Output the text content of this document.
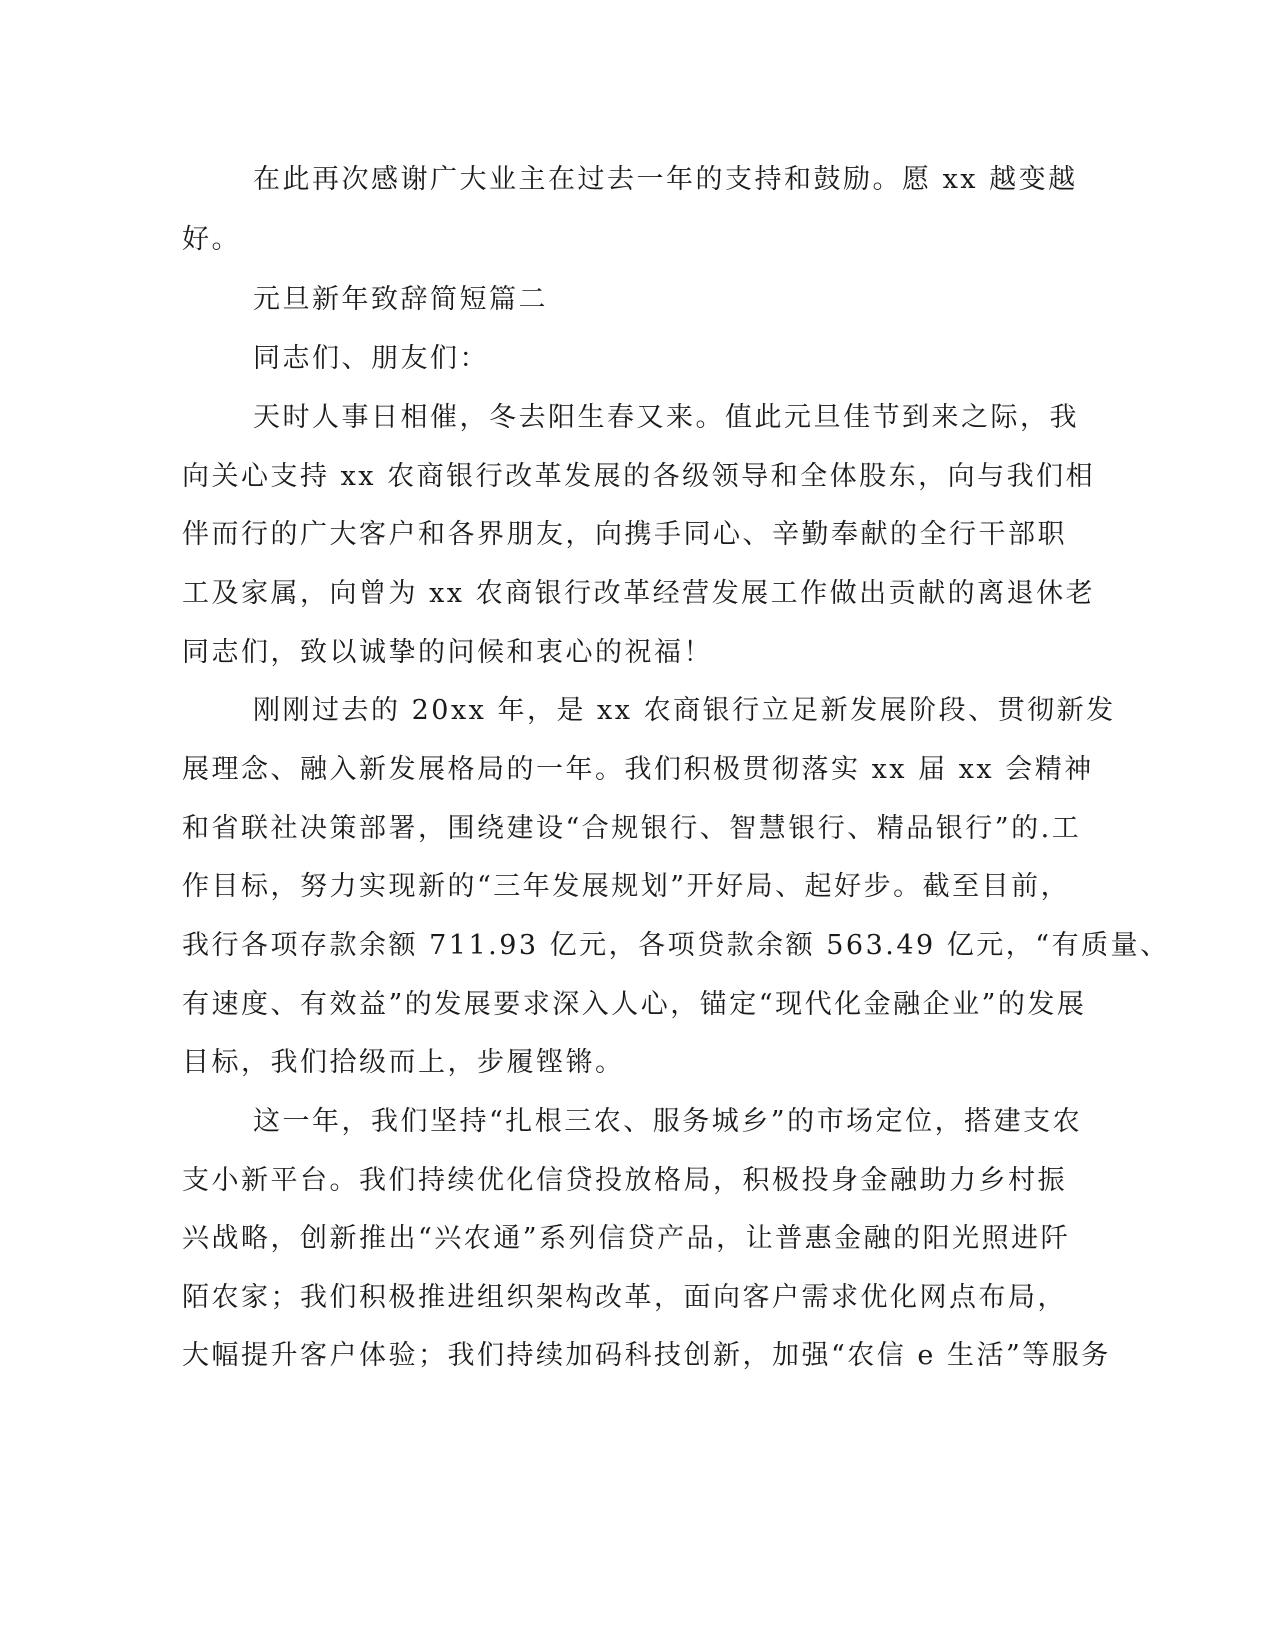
在此再次感谢广大业主在过去一年的支持和鼓励。愿 xx 越变越
好。
元旦新年致辞简短篇二
同志们、朋友们：
天时人事日相催，冬去阳生春又来。值此元旦佳节到来之际，我
向关心支持 xx 农商银行改革发展的各级领导和全体股东，向与我们相
伴而行的广大客户和各界朋友，向携手同心、辛勤奉献的全行干部职
工及家属，向曾为 xx 农商银行改革经营发展工作做出贡献的离退休老
同志们，致以诚挚的问候和衷心的祝福！
刚刚过去的 20xx 年，是 xx 农商银行立足新发展阶段、贯彻新发
展理念、融入新发展格局的一年。我们积极贯彻落实 xx 届 xx 会精神
和省联社决策部署，围绕建设“合规银行、智慧银行、精品银行”的.工
作目标，努力实现新的“三年发展规划”开好局、起好步。截至目前，
我行各项存款余额 711.93 亿元，各项贷款余额 563.49 亿元，“有质量、
有速度、有效益”的发展要求深入人心，锚定“现代化金融企业”的发展
目标，我们拾级而上，步履铿锵。
这一年，我们坚持“扎根三农、服务城乡”的市场定位，搭建支农
支小新平台。我们持续优化信贷投放格局，积极投身金融助力乡村振
兴战略，创新推出“兴农通”系列信贷产品，让普惠金融的阳光照进阡
陌农家；我们积极推进组织架构改革，面向客户需求优化网点布局，
大幅提升客户体验；我们持续加码科技创新，加强“农信 e 生活”等服务
